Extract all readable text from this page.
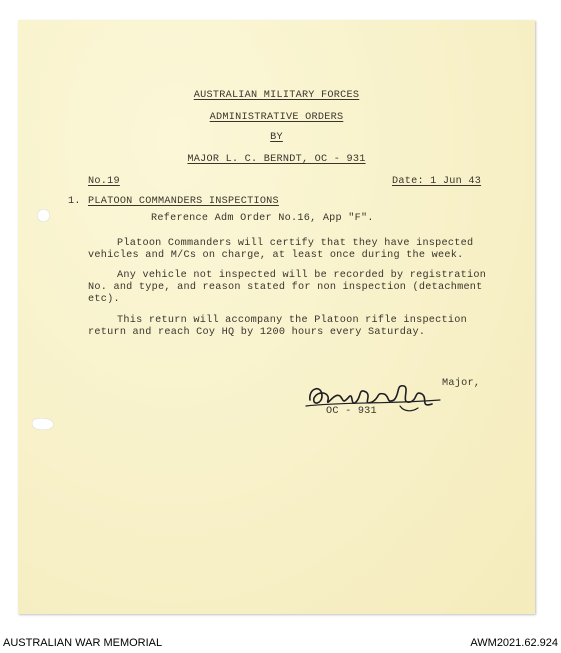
AUSTRALIAN MILITARY FORCES
ADMINISTRATIVE ORDERS
BY
MAJOR L. C. BERNDT, OC - 931
No.19	Date: 1 Jun 43
1. PLATOON COMMANDERS INSPECTIONS
Reference Adm Order No.16, App "F".
Platoon Commanders will certify that they have inspected
vehicles and M/Cs on charge, at least once during the week.
Any vehicle not inspected will be recorded by registration
No. and type, and reason stated for non inspection (detachment
etc).
This return will accompany the Platoon rifle inspection
return and reach Coy HQ by 1200 hours every Saturday.
Major,
OC - 931
AUSTRALIAN WAR MEMORIAL	AWM2021.62.924
